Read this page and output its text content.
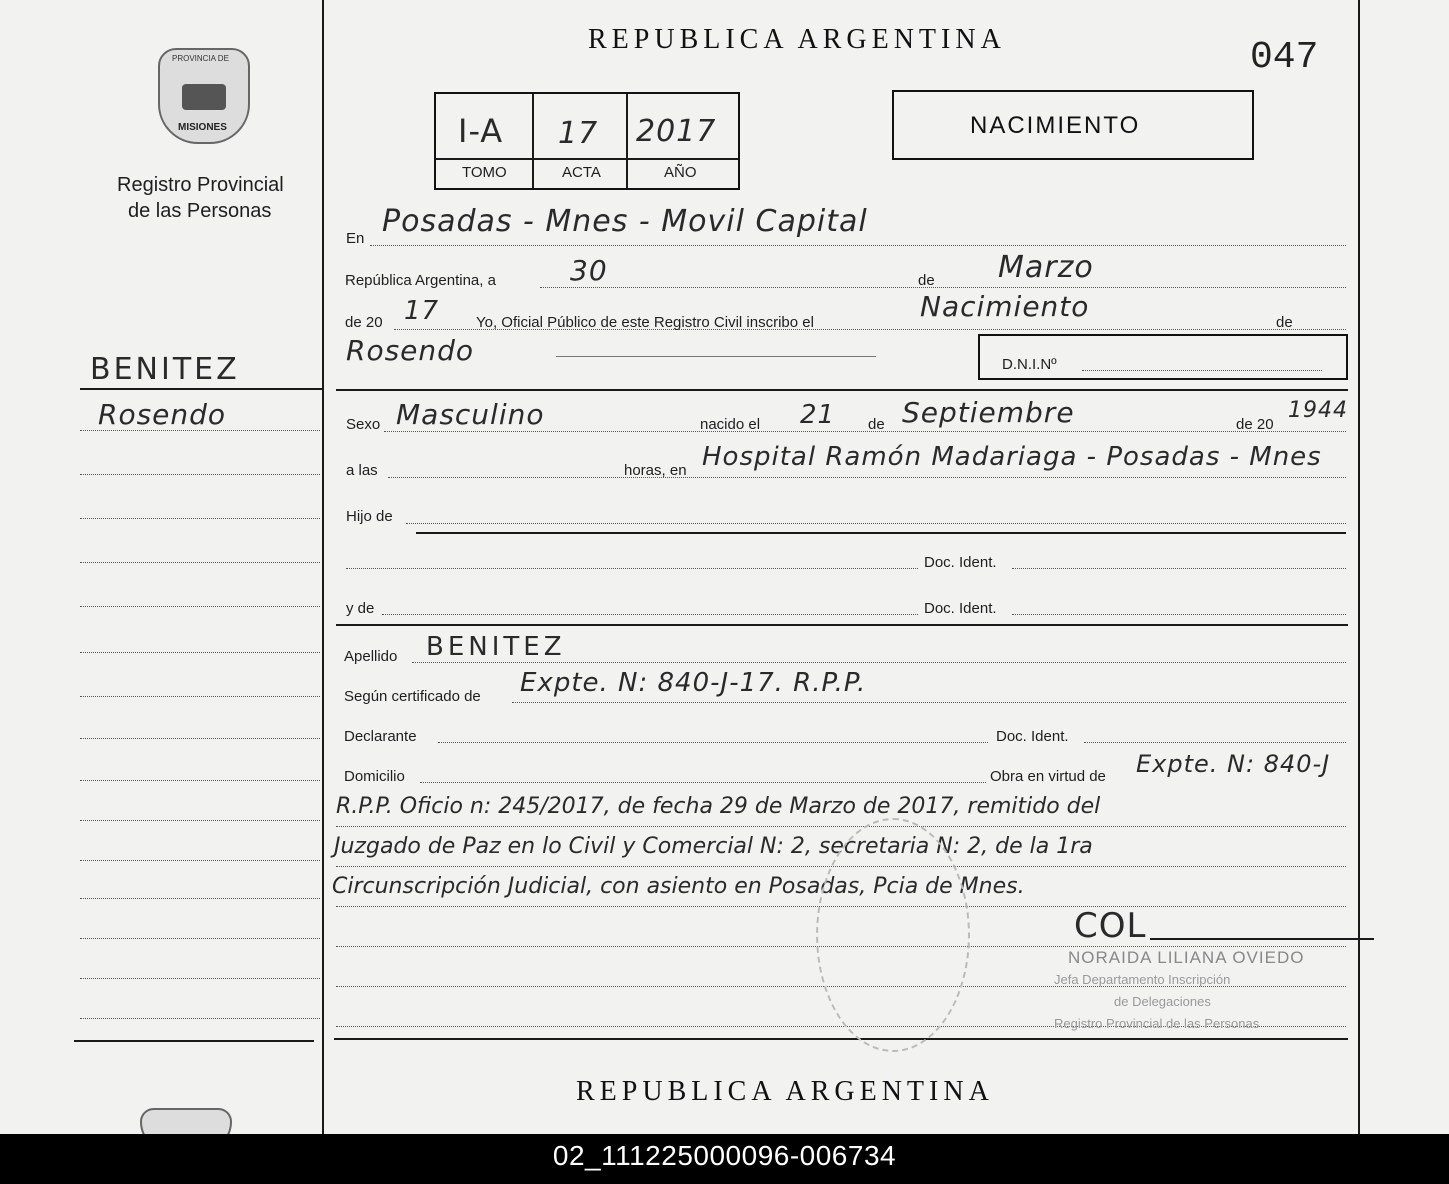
PROVINCIA DE
MISIONES
Registro Provincial
de las Personas
BENITEZ
Rosendo
REPUBLICA ARGENTINA	047
I-A 17 2017
TOMO	ACTA	AÑO
NACIMIENTO
En Posadas - Mnes - Movil Capital
República Argentina, a	30	de Marzo
de 20 17 Yo, Oficial Público de este Registro Civil inscribo el	Nacimiento	de
Rosendo	D.N.I.Nº
Sexo Masculino	nacido el 21 de Septiembre	de 20
1944
a las	horas, en Hospital Ramón Madariaga - Posadas - Mnes
Hijo de
Doc. Ident.
y de	Doc. Ident.
Apellido BENITEZ
Según certificado de Expte. N: 840-J-17. R.P.P.
Declarante	Doc. Ident.
Domicilio	Obra en virtud de Expte. N: 840-J
R.P.P. Oficio n: 245/2017, de fecha 29 de Marzo de 2017, remitido del
Juzgado de Paz en lo Civil y Comercial N: 2, secretaria N: 2, de la 1ra
Circunscripción Judicial, con asiento en Posadas, Pcia de Mnes.
COL
NORAIDA LILIANA OVIEDO
Jefa Departamento Inscripción
de Delegaciones
Registro Provincial de las Personas
REPUBLICA ARGENTINA
02_111225000096-006734
